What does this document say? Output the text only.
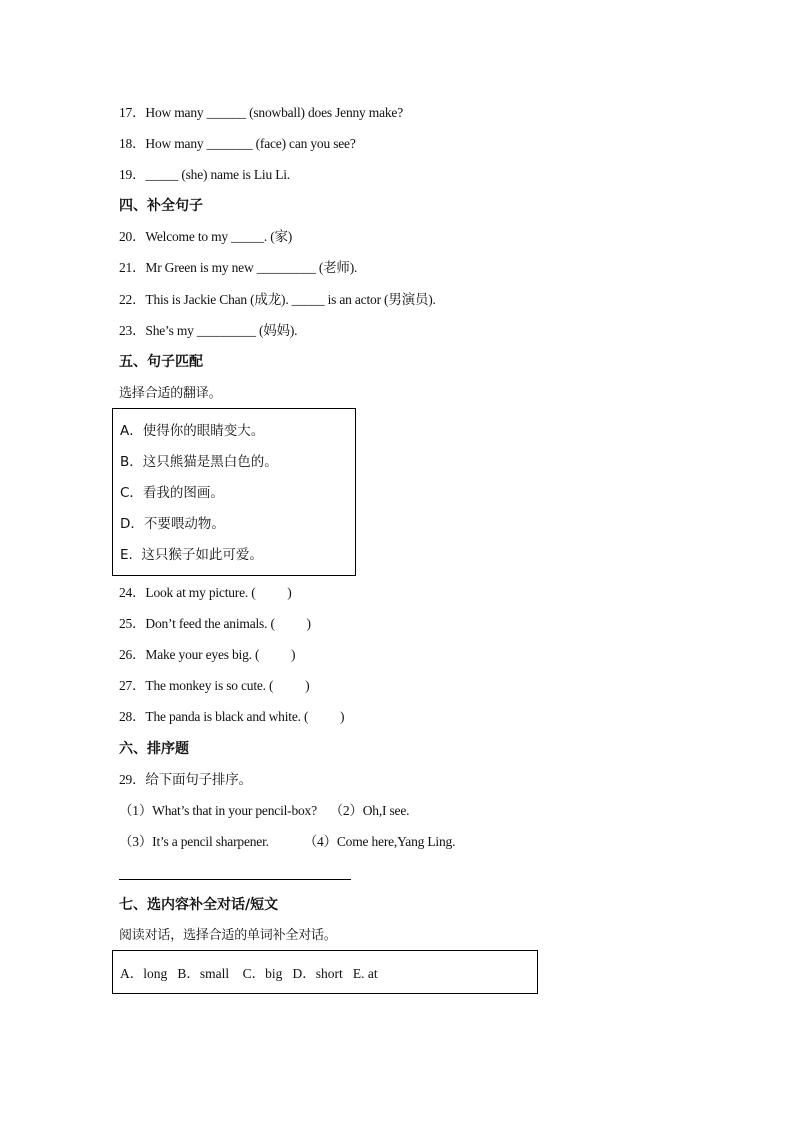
17．How many ______ (snowball) does Jenny make?
18．How many _______ (face) can you see?
19．_____ (she) name is Liu Li.
四、补全句子
20．Welcome to my _____. (家)
21．Mr Green is my new _________ (老师).
22．This is Jackie Chan (成龙). _____ is an actor (男演员).
23．She’s my _________ (妈妈).
五、句子匹配
选择合适的翻译。
A．使得你的眼睛变大。
B．这只熊猫是黑白色的。
C．看我的图画。
D．不要喂动物。
E.  这只猴子如此可爱。
24．Look at my picture. (          )
25．Don’t feed the animals. (          )
26．Make your eyes big. (          )
27．The monkey is so cute. (          )
28．The panda is black and white. (          )
六、排序题
29．给下面句子排序。
（1）What’s that in your pencil-box?    （2）Oh,I see.
（3）It’s a pencil sharpener.           （4）Come here,Yang Ling.
七、选内容补全对话/短文
阅读对话，选择合适的单词补全对话。
A．long   B．small    C．big   D．short   E. at
